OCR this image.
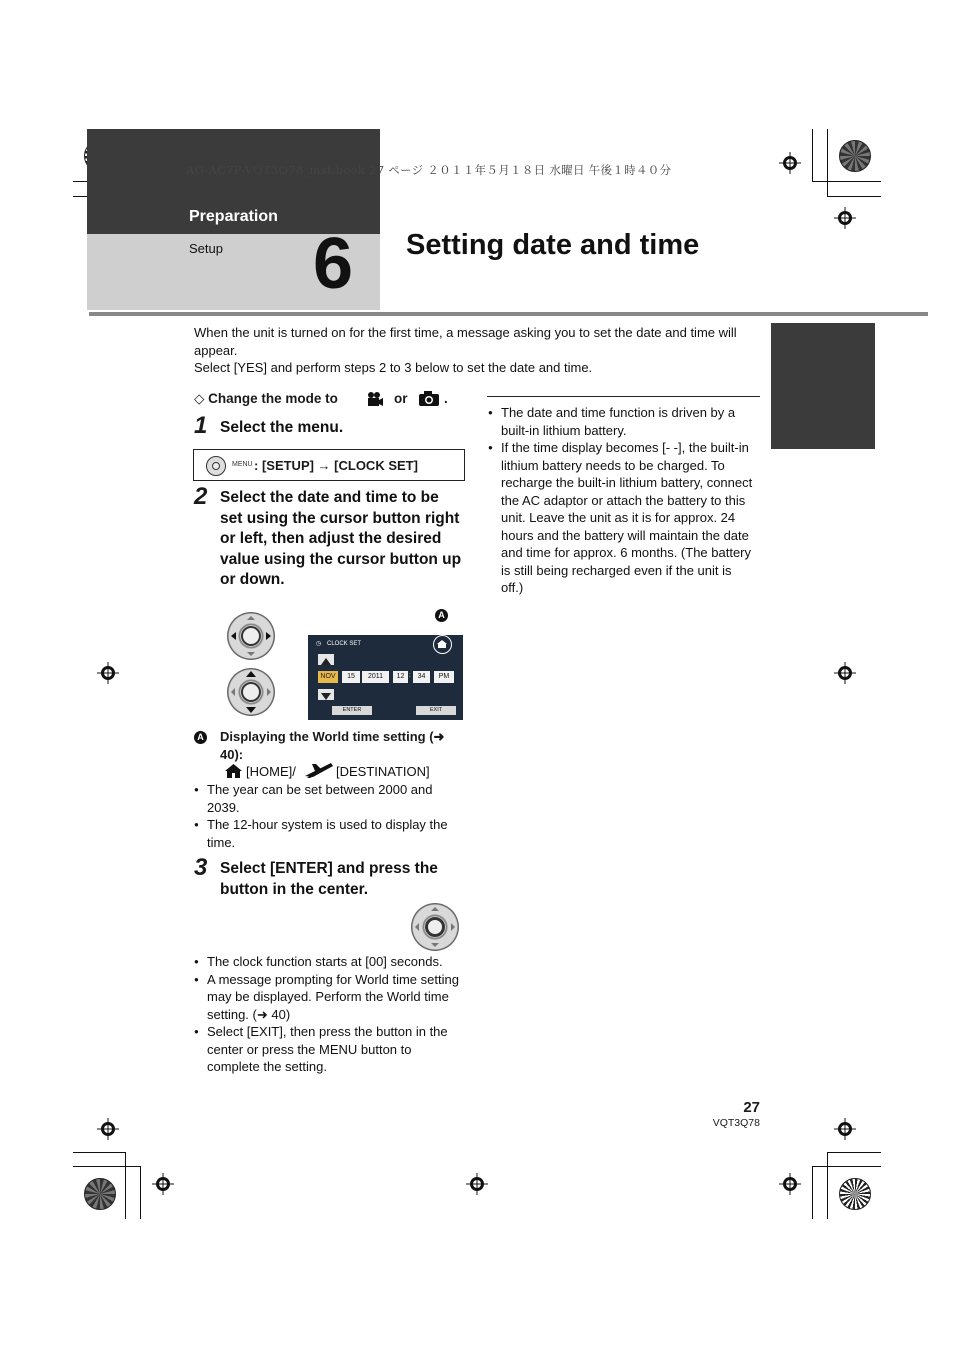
AG-AC7P-VQT3Q78_mst.book 27 ページ ２０１１年５月１８日 水曜日 午後１時４０分
Preparation
Setup 6 Setting date and time
When the unit is turned on for the first time, a message asking you to set the date and time will appear.
Select [YES] and perform steps 2 to 3 below to set the date and time.
◇ Change the mode to	or	.
1 Select the menu.
MENU : [SETUP] → [CLOCK SET]
2 Select the date and time to be set using the cursor button right or left, then adjust the desired value using the cursor button up or down.
◷ CLOCK SET
NOV	15	2011	12 : 34	PM
ENTER	EXIT
A
A Displaying the World time setting (➜ 40):
[HOME]/	[DESTINATION]
● The year can be set between 2000 and 2039.
● The 12-hour system is used to display the time.
3 Select [ENTER] and press the button in the center.
● The clock function starts at [00] seconds.
● A message prompting for World time setting may be displayed. Perform the World time setting. (➜ 40)
● Select [EXIT], then press the button in the center or press the MENU button to complete the setting.
● The date and time function is driven by a built-in lithium battery.
● If the time display becomes [- -], the built-in lithium battery needs to be charged. To recharge the built-in lithium battery, connect the AC adaptor or attach the battery to this unit. Leave the unit as it is for approx. 24 hours and the battery will maintain the date and time for approx. 6 months. (The battery is still being recharged even if the unit is off.)
27
VQT3Q78
